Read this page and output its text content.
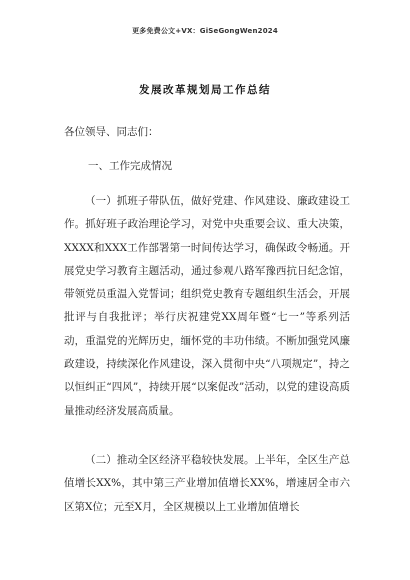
更多免费公文+VX：GiSeGongWen2024
发展改革规划局工作总结
各位领导、同志们：
一、工作完成情况

（一）抓班子带队伍，做好党建、作风建设、廉政建设工作。抓好班子政治理论学习，对党中央重要会议、重大决策，XXXX和XXX工作部署第一时间传达学习，确保政令畅通。开展党史学习教育主题活动，通过参观八路军豫西抗日纪念馆，带领党员重温入党誓词；组织党史教育专题组织生活会，开展批评与自我批评；举行庆祝建党XX周年暨“七一”等系列活动，重温党的光辉历史，缅怀党的丰功伟绩。不断加强党风廉政建设，持续深化作风建设，深入贯彻中央“八项规定”，持之以恒纠正“四风”，持续开展“以案促改”活动，以党的建设高质量推动经济发展高质量。

（二）推动全区经济平稳较快发展。上半年，全区生产总值增长XX%，其中第三产业增加值增长XX%，增速居全市六区第X位；元至X月，全区规模以上工业增加值增长
